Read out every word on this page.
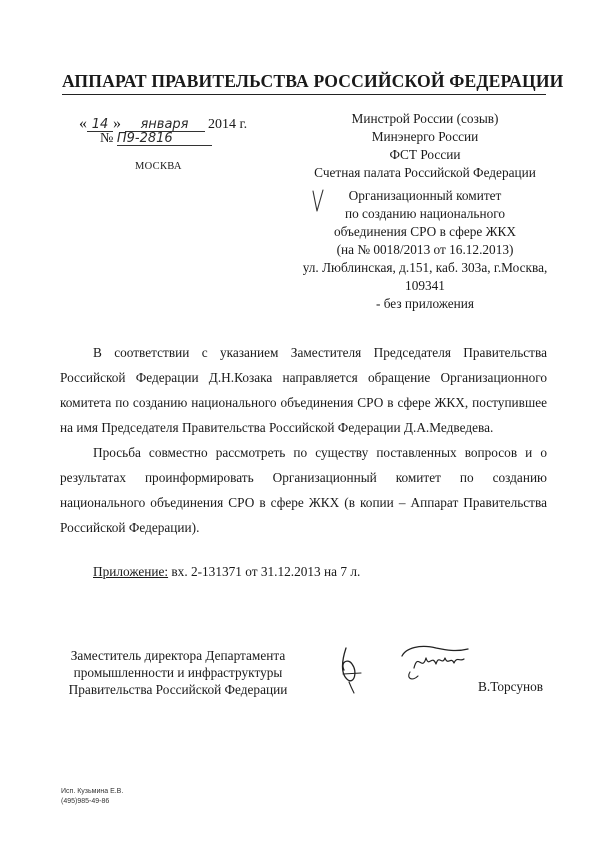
АППАРАТ ПРАВИТЕЛЬСТВА РОССИЙСКОЙ ФЕДЕРАЦИИ
« 14 » января 2014 г.
№ П9-2816
МОСКВА
Минстрой России (созыв)
Минэнерго России
ФСТ России
Счетная палата Российской Федерации
Организационный комитет
по созданию национального
объединения СРО в сфере ЖКХ
(на № 0018/2013 от 16.12.2013)
ул. Люблинская, д.151, каб. 303а, г.Москва,
109341
- без приложения

В соответствии с указанием Заместителя Председателя Правительства Российской Федерации Д.Н.Козака направляется обращение Организационного комитета по созданию национального объединения СРО в сфере ЖКХ, поступившее на имя Председателя Правительства Российской Федерации Д.А.Медведева.

Просьба совместно рассмотреть по существу поставленных вопросов и о результатах проинформировать Организационный комитет по созданию национального объединения СРО в сфере ЖКХ (в копии – Аппарат Правительства Российской Федерации).

Приложение: вх. 2-131371 от 31.12.2013 на 7 л.
Заместитель директора Департамента
промышленности и инфраструктуры
Правительства Российской Федерации	В.Торсунов
Исп. Кузьмина Е.В.
(495)985-49-86
